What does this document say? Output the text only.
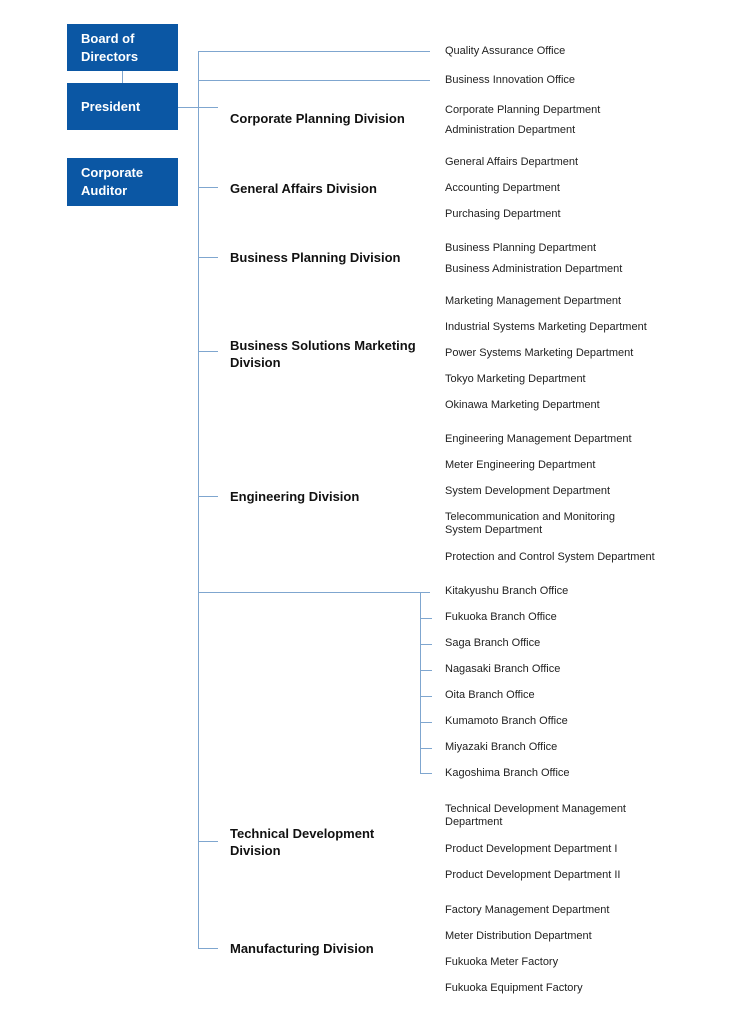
Board of Directors
President
Corporate Auditor
Quality Assurance Office
Business Innovation Office
Corporate Planning Division
General Affairs Division
Business Planning Division
Business Solutions Marketing Division
Engineering Division
Technical Development Division
Manufacturing Division
Corporate Planning Department
Administration Department
General Affairs Department
Accounting Department
Purchasing Department
Business Planning Department
Business Administration Department
Marketing Management Department
Industrial Systems Marketing Department
Power Systems Marketing Department
Tokyo Marketing Department
Okinawa Marketing Department
Engineering Management Department
Meter Engineering Department
System Development Department
Telecommunication and Monitoring System Department
Protection and Control System Department
Kitakyushu Branch Office
Fukuoka Branch Office
Saga Branch Office
Nagasaki Branch Office
Oita Branch Office
Kumamoto Branch Office
Miyazaki Branch Office
Kagoshima Branch Office
Technical Development Management Department
Product Development Department I
Product Development Department II
Factory Management Department
Meter Distribution Department
Fukuoka Meter Factory
Fukuoka Equipment Factory
